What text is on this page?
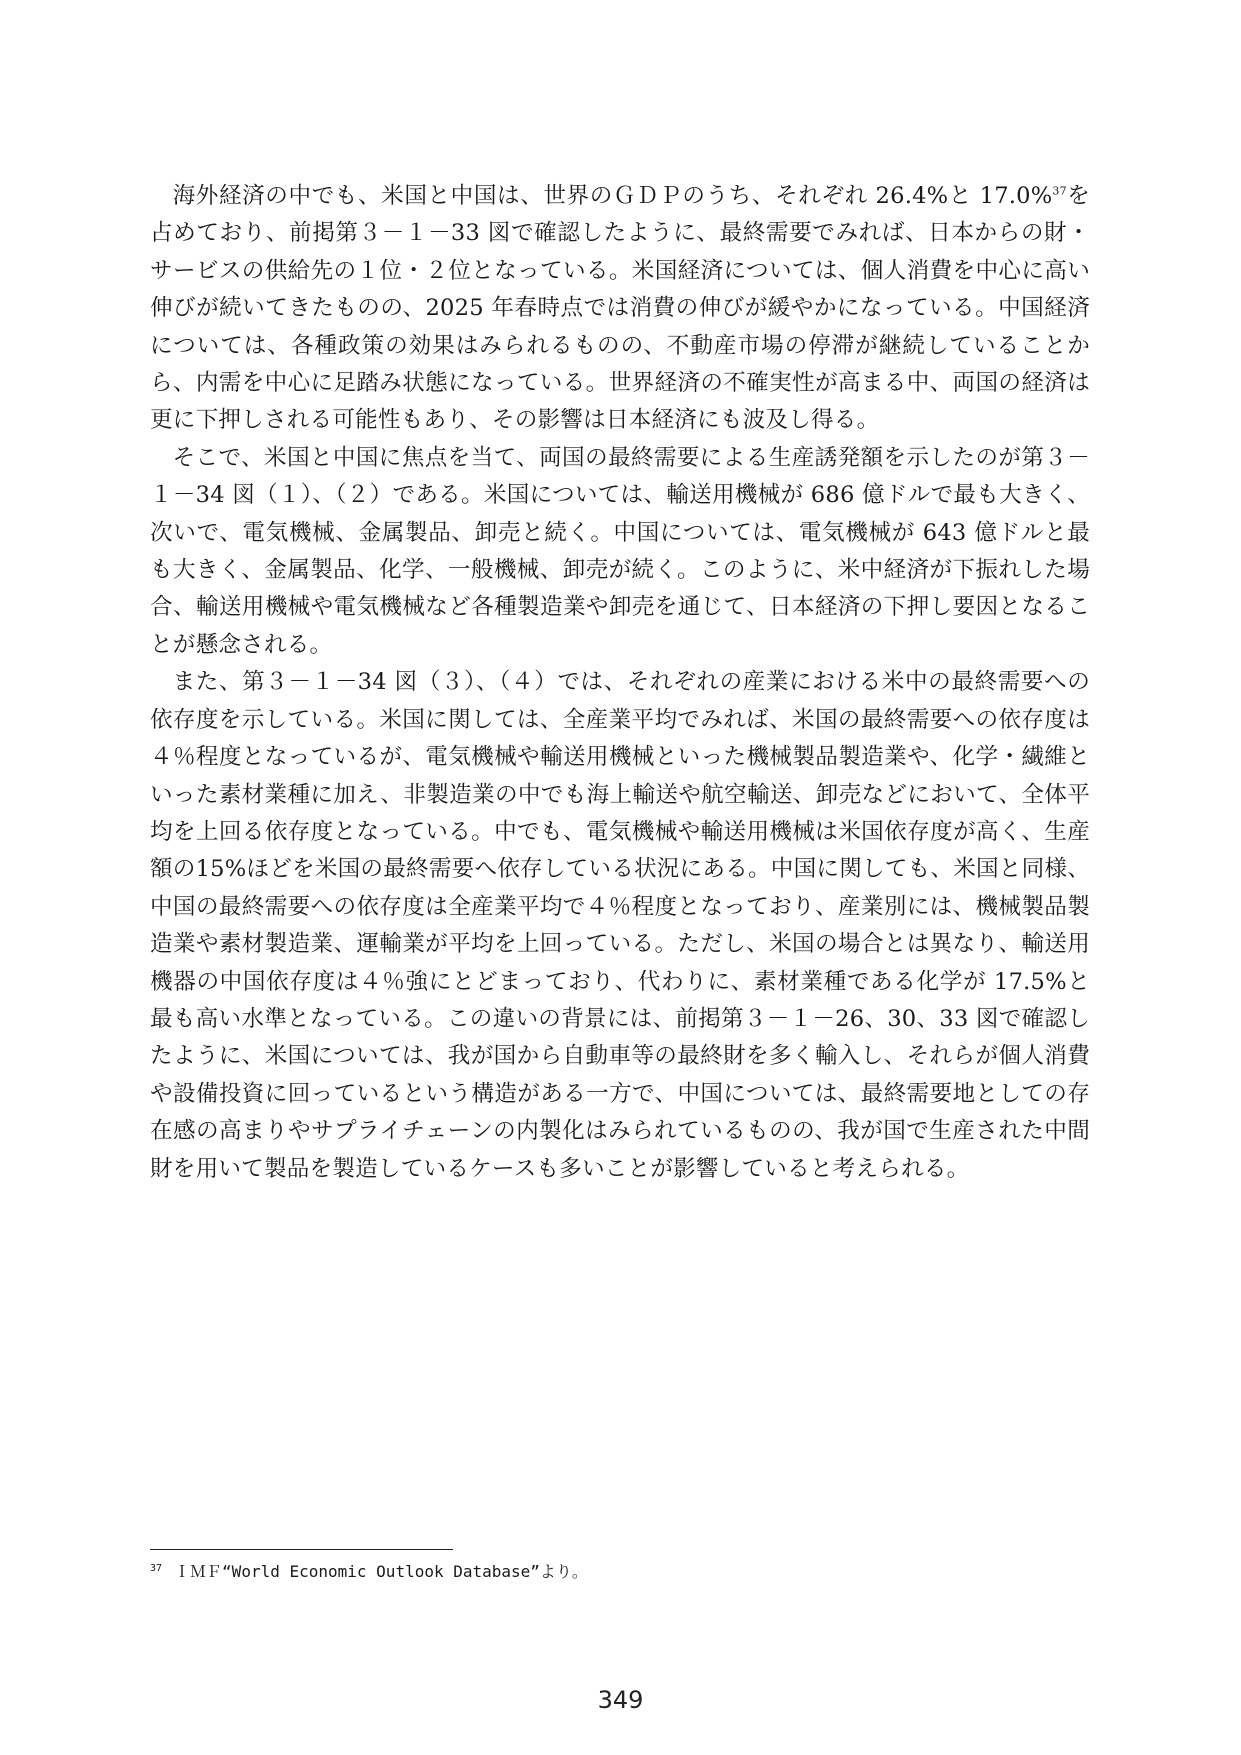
海外経済の中でも、米国と中国は、世界のＧＤＰのうち、それぞれ 26.4%と 17.0%$^{37}$を占めており、前掲第３－１－33 図で確認したように、最終需要でみれば、日本からの財・サービスの供給先の１位・２位となっている。米国経済については、個人消費を中心に高い伸びが続いてきたものの、2025 年春時点では消費の伸びが緩やかになっている。中国経済については、各種政策の効果はみられるものの、不動産市場の停滞が継続していることから、内需を中心に足踏み状態になっている。世界経済の不確実性が高まる中、両国の経済は更に下押しされる可能性もあり、その影響は日本経済にも波及し得る。

そこで、米国と中国に焦点を当て、両国の最終需要による生産誘発額を示したのが第３－１－34 図（１）、（２）である。米国については、輸送用機械が 686 億ドルで最も大きく、次いで、電気機械、金属製品、卸売と続く。中国については、電気機械が 643 億ドルと最も大きく、金属製品、化学、一般機械、卸売が続く。このように、米中経済が下振れした場合、輸送用機械や電気機械など各種製造業や卸売を通じて、日本経済の下押し要因となることが懸念される。

また、第３－１－34 図（３）、（４）では、それぞれの産業における米中の最終需要への依存度を示している。米国に関しては、全産業平均でみれば、米国の最終需要への依存度は４％程度となっているが、電気機械や輸送用機械といった機械製品製造業や、化学・繊維といった素材業種に加え、非製造業の中でも海上輸送や航空輸送、卸売などにおいて、全体平均を上回る依存度となっている。中でも、電気機械や輸送用機械は米国依存度が高く、生産額の15%ほどを米国の最終需要へ依存している状況にある。中国に関しても、米国と同様、中国の最終需要への依存度は全産業平均で４％程度となっており、産業別には、機械製品製造業や素材製造業、運輸業が平均を上回っている。ただし、米国の場合とは異なり、輸送用機器の中国依存度は４％強にとどまっており、代わりに、素材業種である化学が 17.5%と最も高い水準となっている。この違いの背景には、前掲第３－１－26、30、33 図で確認したように、米国については、我が国から自動車等の最終財を多く輸入し、それらが個人消費や設備投資に回っているという構造がある一方で、中国については、最終需要地としての存在感の高まりやサプライチェーンの内製化はみられているものの、我が国で生産された中間財を用いて製品を製造しているケースも多いことが影響していると考えられる。

$^{37}$ ＩＭＦ“World Economic Outlook Database”より。
349
